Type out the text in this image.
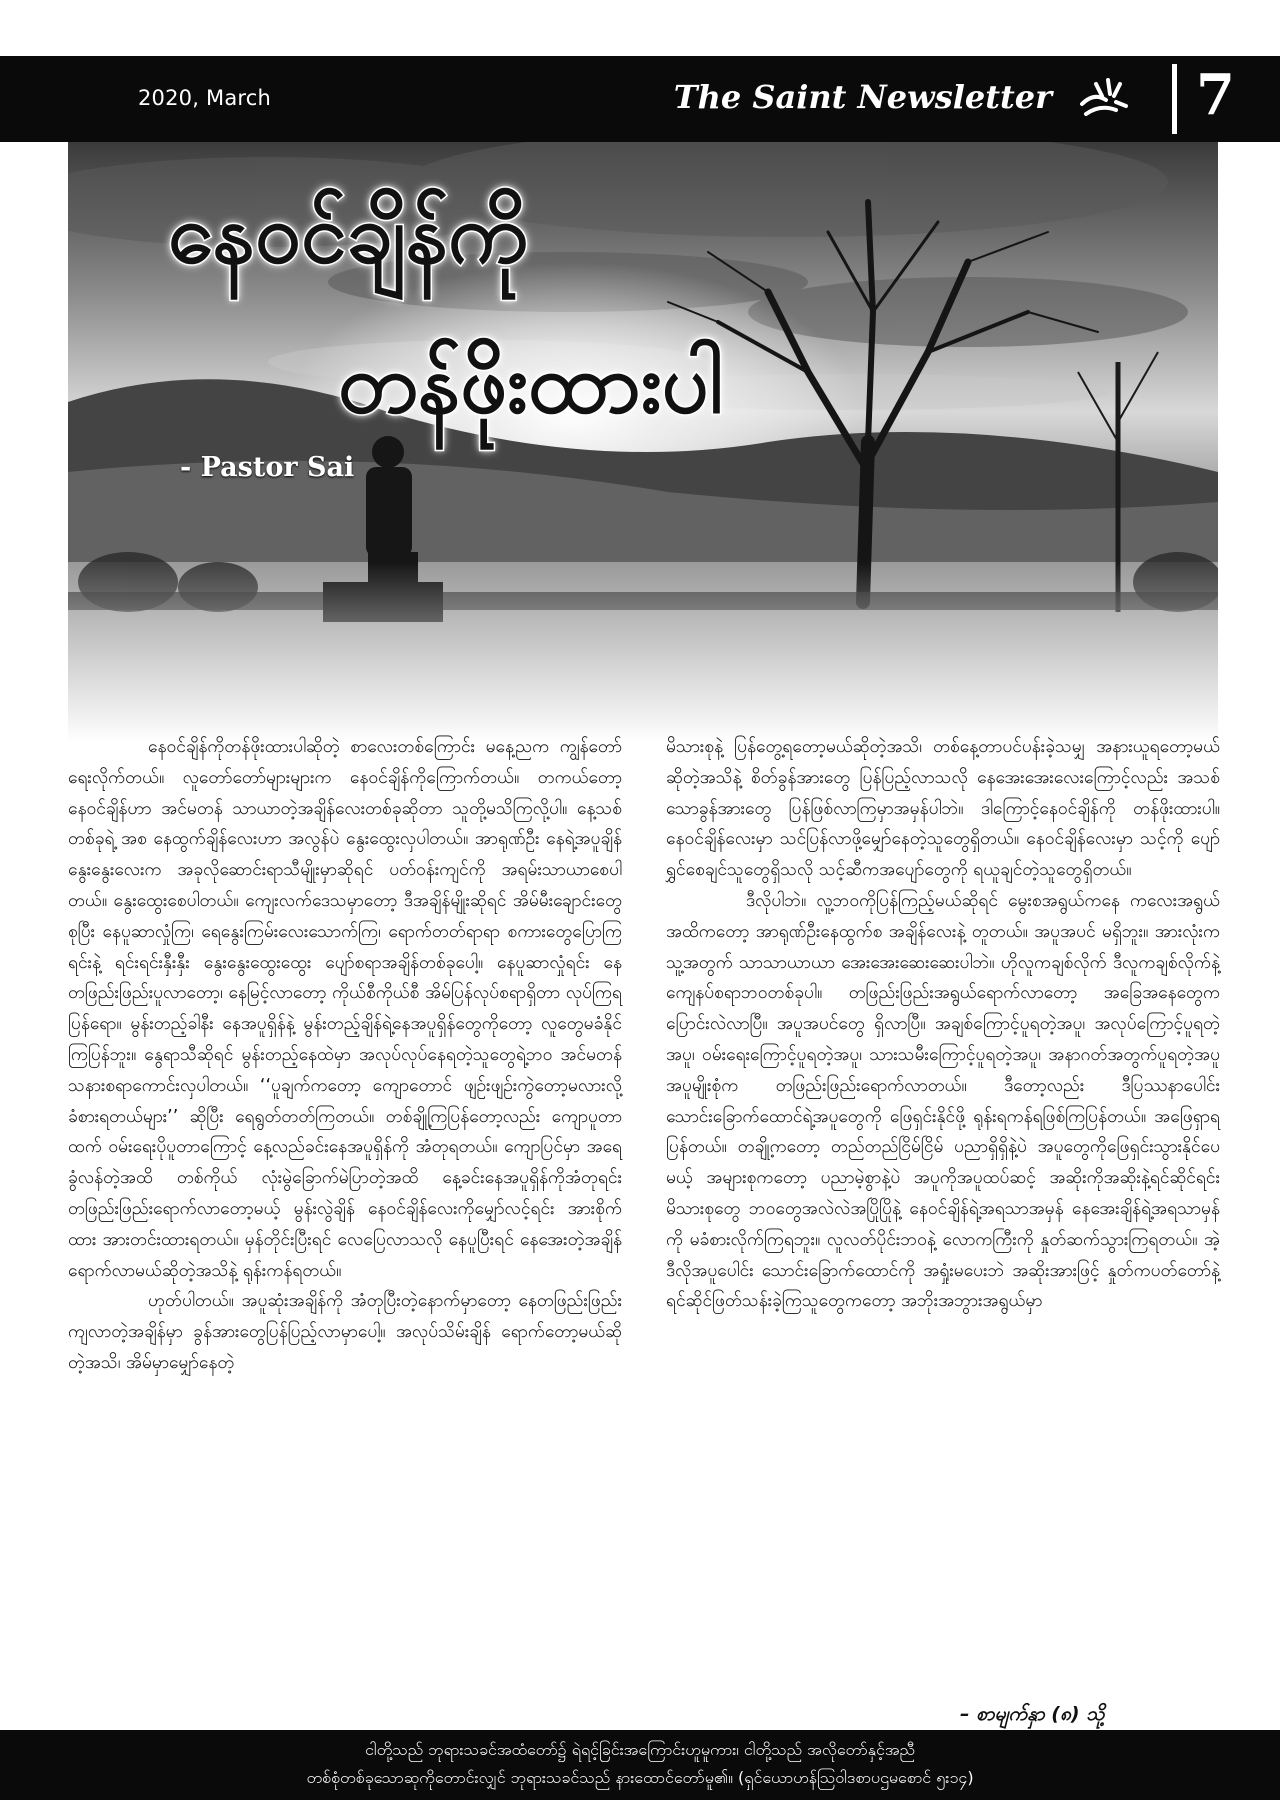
2020, March	The Saint Newsletter	7
နေဝင်ချိန်ကို
တန်ဖိုးထားပါ
- Pastor Sai

နေဝင်ချိန်ကိုတန်ဖိုးထားပါဆိုတဲ့ စာလေးတစ်ကြောင်း မနေ့ညက ကျွန်တော်ရေးလိုက်တယ်။ လူတော်တော်များများက နေဝင်ချိန်ကိုကြောက်တယ်။ တကယ်တော့ နေဝင်ချိန်ဟာ အင်မတန် သာယာတဲ့အချိန်လေးတစ်ခုဆိုတာ သူတို့မသိကြလို့ပါ။ နေ့သစ်တစ်ခုရဲ့ အစ နေထွက်ချိန်လေးဟာ အလွန်ပဲ နွေးထွေးလှပါတယ်။ အာရုဏ်ဦး နေရဲ့အပူချိန်နွေးနွေးလေးက အခုလိုဆောင်းရာသီမျိုးမှာဆိုရင် ပတ်ဝန်းကျင်ကို အရမ်းသာယာစေပါတယ်။ နွေးထွေးစေပါတယ်။ ကျေးလက်ဒေသမှာတော့ ဒီအချိန်မျိုးဆိုရင် အိမ်မီးချောင်းတွေစုပြီး နေပူဆာလှုံကြ၊ ရေနွေးကြမ်းလေးသောက်ကြ၊ ရောက်တတ်ရာရာ စကားတွေပြောကြရင်းနဲ့ ရင်းရင်းနှီးနှီး နွေးနွေးထွေးထွေး ပျော်စရာအချိန်တစ်ခုပေါ့။ နေပူဆာလှုံရင်း နေတဖြည်းဖြည်းပူလာတော့၊ နေမြင့်လာတော့ ကိုယ်စီကိုယ်စီ အိမ်ပြန်လုပ်စရာရှိတာ လုပ်ကြရပြန်ရော။ မွန်းတည့်ခါနီး နေအပူရှိန်နဲ့ မွန်းတည့်ချိန်ရဲ့နေအပူရှိန်တွေကိုတော့ လူတွေမခံနိုင်ကြပြန်ဘူး။ နွေရာသီဆိုရင် မွန်းတည့်နေထဲမှာ အလုပ်လုပ်နေရတဲ့သူတွေရဲ့ဘဝ အင်မတန်သနားစရာကောင်းလှပါတယ်။ ‘‘ပူချက်ကတော့ ကျောတောင် ဖျဉ်းဖျဉ်းကွဲတော့မလားလို့ ခံစားရတယ်များ’’ ဆိုပြီး ရေရွတ်တတ်ကြတယ်။ တစ်ချို့ကြပြန်တော့လည်း ကျောပူတာထက် ဝမ်းရေးပိုပူတာကြောင့် နေ့လည်ခင်းနေအပူရှိန်ကို အံတုရတယ်။ ကျောပြင်မှာ အရေခွံလန်တဲ့အထိ တစ်ကိုယ် လုံးမွဲခြောက်မဲပြာတဲ့အထိ နေ့ခင်းနေအပူရှိန်ကိုအံတုရင်း တဖြည်းဖြည်းရောက်လာတော့မယ့် မွန်းလွဲချိန် နေဝင်ချိန်လေးကိုမျှော်လင့်ရင်း အားစိုက်ထား အားတင်းထားရတယ်။ မှန်တိုင်းပြီးရင် လေပြေလာသလို နေပူပြီးရင် နေအေးတဲ့အချိန် ရောက်လာမယ်ဆိုတဲ့အသိနဲ့ ရုန်းကန်ရတယ်။

ဟုတ်ပါတယ်။ အပူဆုံးအချိန်ကို အံတုပြီးတဲ့နောက်မှာတော့ နေတဖြည်းဖြည်းကျလာတဲ့အချိန်မှာ ခွန်အားတွေပြန်ပြည့်လာမှာပေါ့။ အလုပ်သိမ်းချိန် ရောက်တော့မယ်ဆိုတဲ့အသိ၊ အိမ်မှာမျှော်နေတဲ့

မိသားစုနဲ့ ပြန်တွေ့ရတော့မယ်ဆိုတဲ့အသိ၊ တစ်နေ့တာပင်ပန်းခဲ့သမျှ အနားယူရတော့မယ်ဆိုတဲ့အသိနဲ့ စိတ်ခွန်အားတွေ ပြန်ပြည့်လာသလို နေအေးအေးလေးကြောင့်လည်း အသစ်သောခွန်အားတွေ ပြန်ဖြစ်လာကြမှာအမှန်ပါဘဲ။ ဒါကြောင့်နေဝင်ချိန်ကို တန်ဖိုးထားပါ။ နေဝင်ချိန်လေးမှာ သင်ပြန်လာဖို့မျှော်နေတဲ့သူတွေရှိတယ်။ နေဝင်ချိန်လေးမှာ သင့်ကို ပျော်ရွှင်စေချင်သူတွေရှိသလို သင့်ဆီကအပျော်တွေကို ရယူချင်တဲ့သူတွေရှိတယ်။

ဒီလိုပါဘဲ။ လူ့ဘဝကိုပြန်ကြည့်မယ်ဆိုရင် မွေးစအရွယ်ကနေ ကလေးအရွယ်အထိကတော့ အာရုဏ်ဦးနေထွက်စ အချိန်လေးနဲ့ တူတယ်။ အပူအပင် မရှိဘူး။ အားလုံးကသူ့အတွက် သာသာယာယာ အေးအေးဆေးဆေးပါဘဲ။ ဟိုလူကချစ်လိုက် ဒီလူကချစ်လိုက်နဲ့ ကျေနပ်စရာဘဝတစ်ခုပါ။ တဖြည်းဖြည်းအရွယ်ရောက်လာတော့ အခြေအနေတွေက ပြောင်းလဲလာပြီ။ အပူအပင်တွေ ရှိလာပြီ။ အချစ်ကြောင့်ပူရတဲ့အပူ၊ အလုပ်ကြောင့်ပူရတဲ့အပူ၊ ဝမ်းရေးကြောင့်ပူရတဲ့အပူ၊ သားသမီးကြောင့်ပူရတဲ့အပူ၊ အနာဂတ်အတွက်ပူရတဲ့အပူ အပူမျိုးစုံက တဖြည်းဖြည်းရောက်လာတယ်။ ဒီတော့လည်း ဒီပြဿနာပေါင်းသောင်းခြောက်ထောင်ရဲ့အပူတွေကို ဖြေရှင်းနိုင်ဖို့ ရုန်းရကန်ရဖြစ်ကြပြန်တယ်။ အဖြေရှာရပြန်တယ်။ တချို့ကတော့ တည်တည်ငြိမ်ငြိမ် ပညာရှိရှိနဲ့ပဲ အပူတွေကိုဖြေရှင်းသွားနိုင်ပေမယ့် အများစုကတော့ ပညာမဲ့စွာနဲ့ပဲ အပူကိုအပူထပ်ဆင့် အဆိုးကိုအဆိုးနဲ့ရင်ဆိုင်ရင်း မိသားစုတွေ ဘဝတွေအလဲလဲအပြိုပြိုနဲ့ နေဝင်ချိန်ရဲ့အရသာအမှန် နေအေးချိန်ရဲ့အရသာမှန်ကို မခံစားလိုက်ကြရဘူး။ လူလတ်ပိုင်းဘဝနဲ့ လောကကြီးကို နှုတ်ဆက်သွားကြရတယ်။ အဲ့ဒီလိုအပူပေါင်း သောင်းခြောက်ထောင်ကို အရှုံးမပေးဘဲ အဆိုးအားဖြင့် နှုတ်ကပတ်တော်နဲ့ ရင်ဆိုင်ဖြတ်သန်းခဲ့ကြသူတွေကတော့ အဘိုးအဘွားအရွယ်မှာ

– စာမျက်နှာ (၈) သို့
ငါတို့သည် ဘုရားသခင်အထံတော်၌ ရဲရင့်ခြင်းအကြောင်းဟူမူကား၊ ငါတို့သည် အလိုတော်နှင့်အညီ
တစ်စုံတစ်ခုသောဆုကိုတောင်းလျှင် ဘုရားသခင်သည် နားထောင်တော်မူ၏။ (ရှင်ယောဟန်ဩဝါဒစာပဌမစောင် ၅း၁၄)
